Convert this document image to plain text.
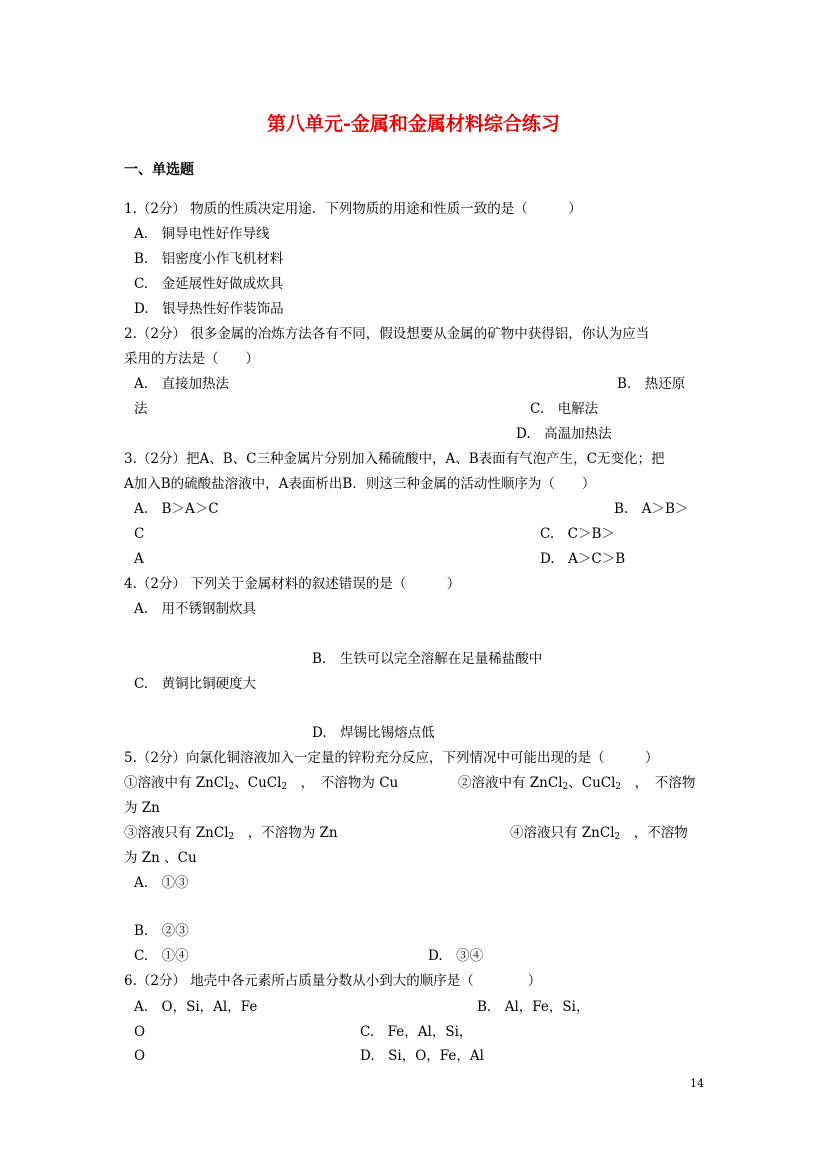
第八单元-金属和金属材料综合练习
一、单选题
1.（2分） 物质的性质决定用途．下列物质的用途和性质一致的是（　　　）
A.　铜导电性好作导线
B.　铝密度小作飞机材料
C.　金延展性好做成炊具
D.　银导热性好作装饰品
2.（2分） 很多金属的冶炼方法各有不同，假设想要从金属的矿物中获得铝，你认为应当
采用的方法是（　　）
A.　直接加热法	B.　热还原
法	C.　电解法
D.　高温加热法
3.（2分）把A、B、C三种金属片分别加入稀硫酸中，A、B表面有气泡产生，C无变化；把
A加入B的硫酸盐溶液中，A表面析出B．则这三种金属的活动性顺序为（　　）
A.　B＞A＞C	B.　A＞B＞
C	C.　C＞B＞
A	D.　A＞C＞B
4.（2分） 下列关于金属材料的叙述错误的是（　　　）
A.　用不锈钢制炊具
B.　生铁可以完全溶解在足量稀盐酸中
C.　黄铜比铜硬度大
D.　焊锡比锡熔点低
5.（2分）向氯化铜溶液加入一定量的锌粉充分反应，下列情况中可能出现的是（　　　）
①溶液中有 ZnCl$_2$、CuCl$_2$　，　不溶物为 Cu	②溶液中有 ZnCl$_2$、CuCl$_2$　，　不溶物
为 Zn
③溶液只有 ZnCl$_2$　，不溶物为 Zn	④溶液只有 ZnCl$_2$　，不溶物
为 Zn 、Cu
A.　①③
B.　②③
C.　①④	D.　③④
6.（2分） 地壳中各元素所占质量分数从小到大的顺序是（　　　　）
A.　O，Si，Al，Fe	B.　Al，Fe，Si，
O	C.　Fe，Al，Si，
O	D.　Si，O，Fe，Al
14
